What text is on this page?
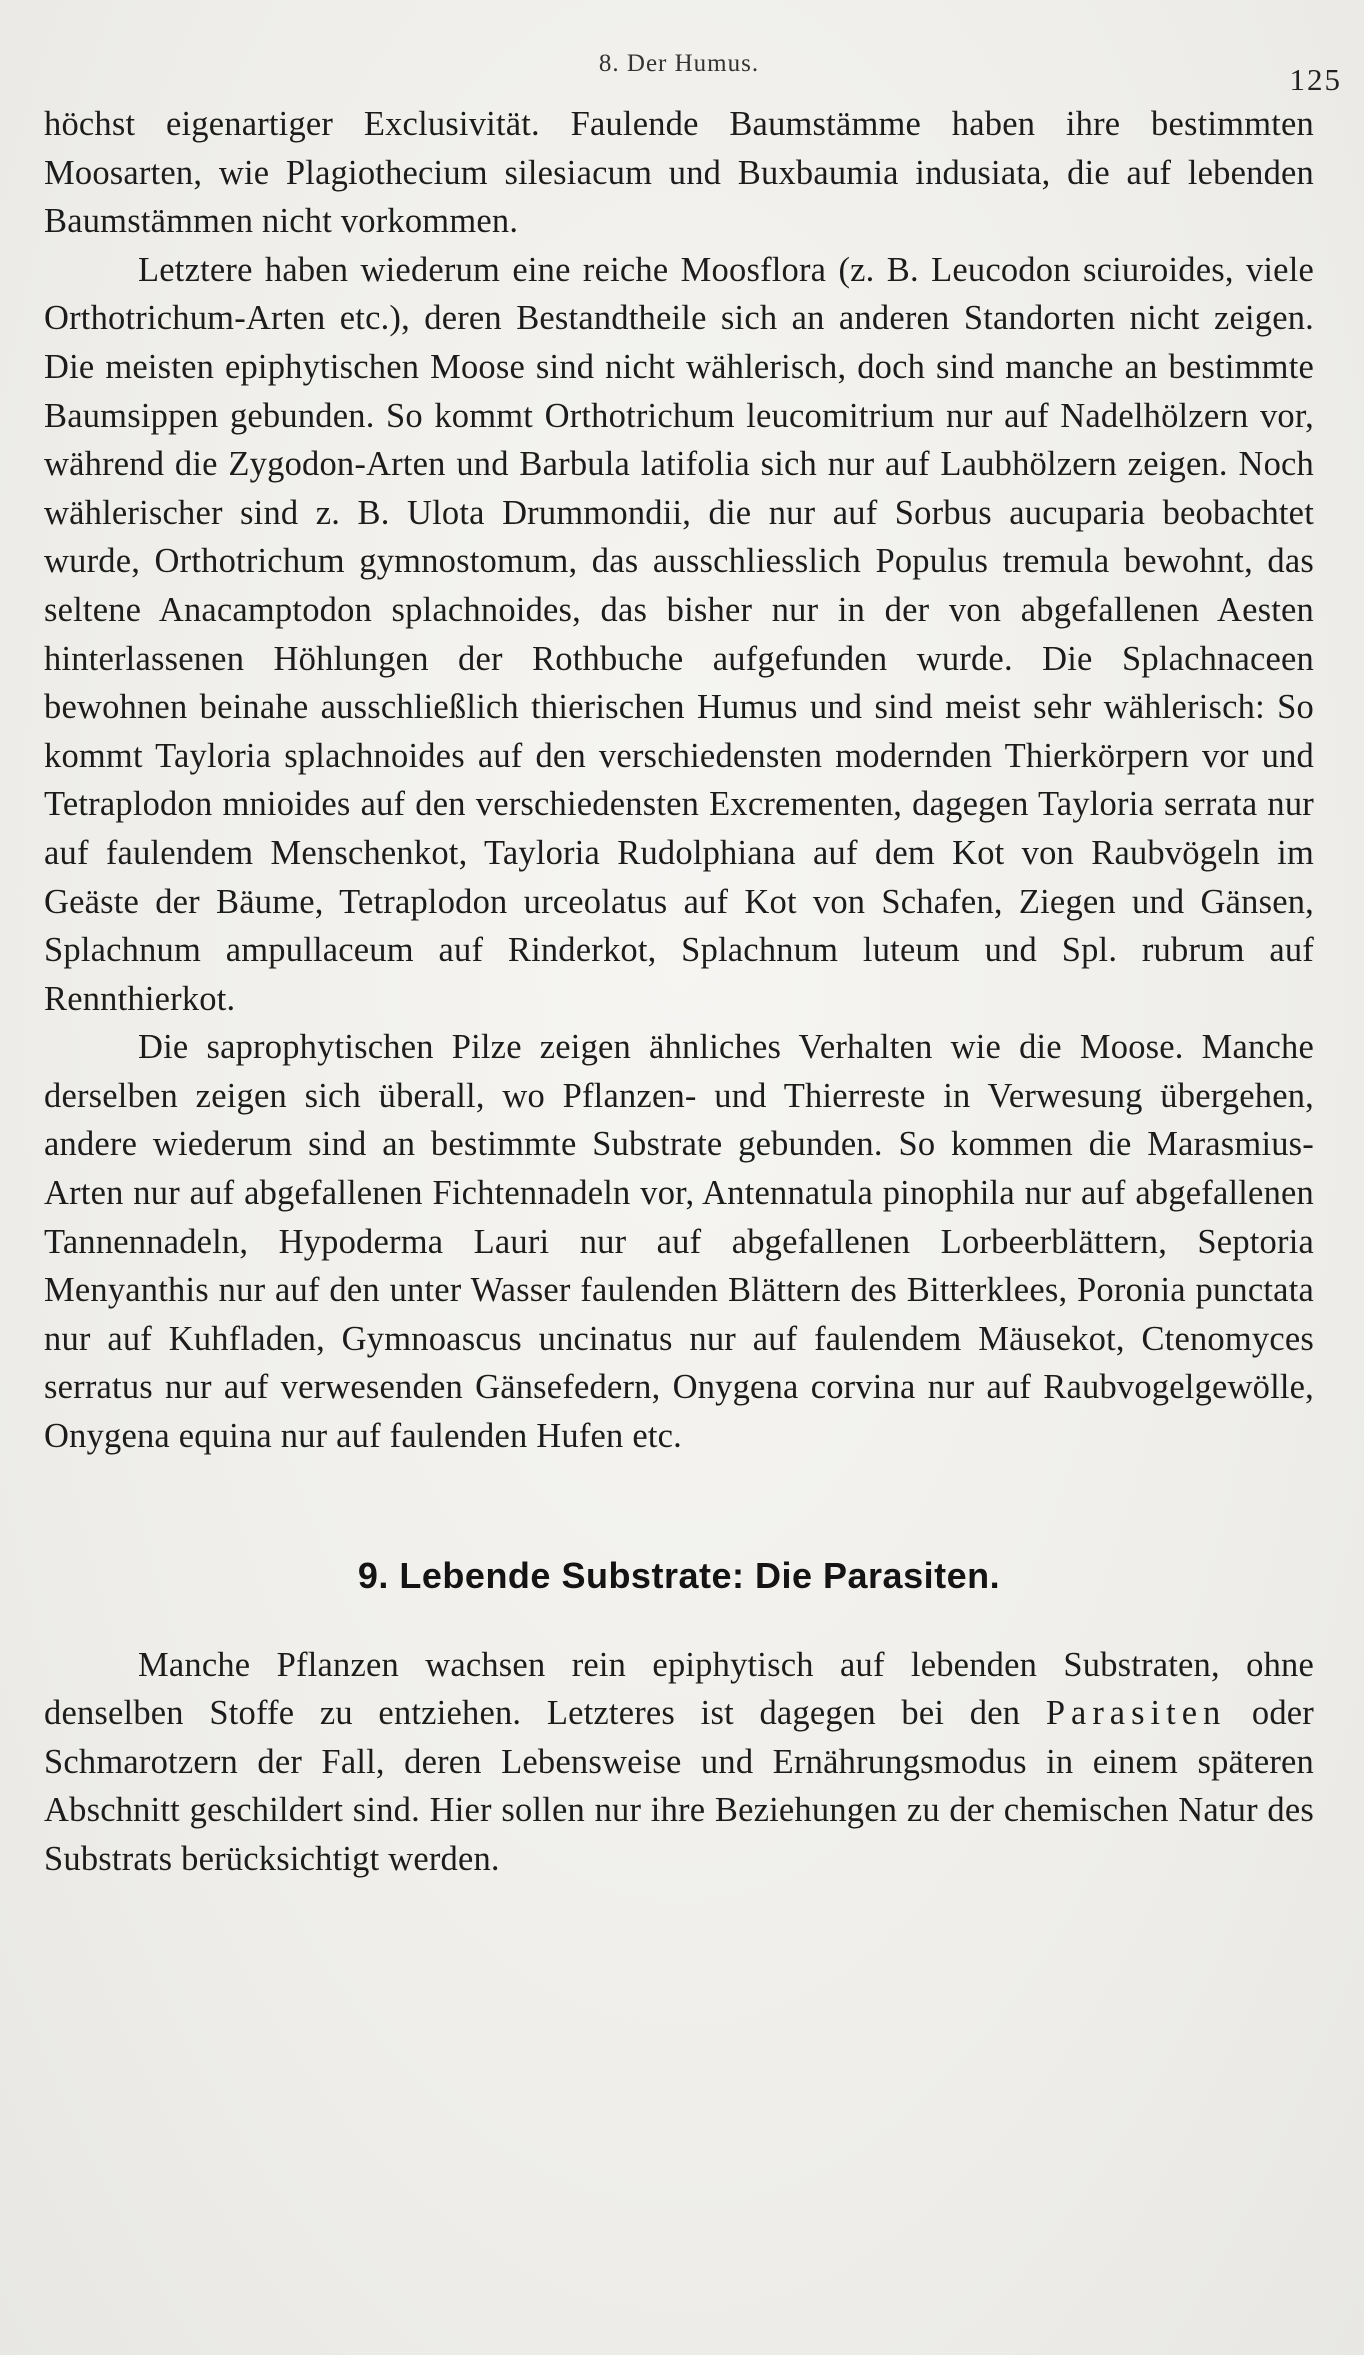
8. Der Humus.	125

höchst eigenartiger Exclusivität. Faulende Baumstämme haben ihre bestimmten Moosarten, wie Plagiothecium silesiacum und Buxbaumia indusiata, die auf lebenden Baumstämmen nicht vorkommen.

Letztere haben wiederum eine reiche Moosflora (z. B. Leucodon sciuroides, viele Orthotrichum-Arten etc.), deren Bestandtheile sich an anderen Standorten nicht zeigen. Die meisten epiphytischen Moose sind nicht wählerisch, doch sind manche an bestimmte Baumsippen gebunden. So kommt Orthotrichum leucomitrium nur auf Nadelhölzern vor, während die Zygodon-Arten und Barbula latifolia sich nur auf Laubhölzern zeigen. Noch wählerischer sind z. B. Ulota Drummondii, die nur auf Sorbus aucuparia beobachtet wurde, Orthotrichum gymnostomum, das ausschliesslich Populus tremula bewohnt, das seltene Anacamptodon splachnoides, das bisher nur in der von abgefallenen Aesten hinterlassenen Höhlungen der Rothbuche aufgefunden wurde. Die Splachnaceen bewohnen beinahe ausschließlich thierischen Humus und sind meist sehr wählerisch: So kommt Tayloria splachnoides auf den verschiedensten modernden Thierkörpern vor und Tetraplodon mnioides auf den verschiedensten Excrementen, dagegen Tayloria serrata nur auf faulendem Menschenkot, Tayloria Rudolphiana auf dem Kot von Raubvögeln im Geäste der Bäume, Tetraplodon urceolatus auf Kot von Schafen, Ziegen und Gänsen, Splachnum ampullaceum auf Rinderkot, Splachnum luteum und Spl. rubrum auf Rennthierkot.

Die saprophytischen Pilze zeigen ähnliches Verhalten wie die Moose. Manche derselben zeigen sich überall, wo Pflanzen- und Thierreste in Verwesung übergehen, andere wiederum sind an bestimmte Substrate gebunden. So kommen die Marasmius-Arten nur auf abgefallenen Fichtennadeln vor, Antennatula pinophila nur auf abgefallenen Tannennadeln, Hypoderma Lauri nur auf abgefallenen Lorbeerblättern, Septoria Menyanthis nur auf den unter Wasser faulenden Blättern des Bitterklees, Poronia punctata nur auf Kuhfladen, Gymnoascus uncinatus nur auf faulendem Mäusekot, Ctenomyces serratus nur auf verwesenden Gänsefedern, Onygena corvina nur auf Raubvogelgewölle, Onygena equina nur auf faulenden Hufen etc.

9. Lebende Substrate: Die Parasiten.

Manche Pflanzen wachsen rein epiphytisch auf lebenden Substraten, ohne denselben Stoffe zu entziehen. Letzteres ist dagegen bei den Parasiten oder Schmarotzern der Fall, deren Lebensweise und Ernährungsmodus in einem späteren Abschnitt geschildert sind. Hier sollen nur ihre Beziehungen zu der chemischen Natur des Substrats berücksichtigt werden.
